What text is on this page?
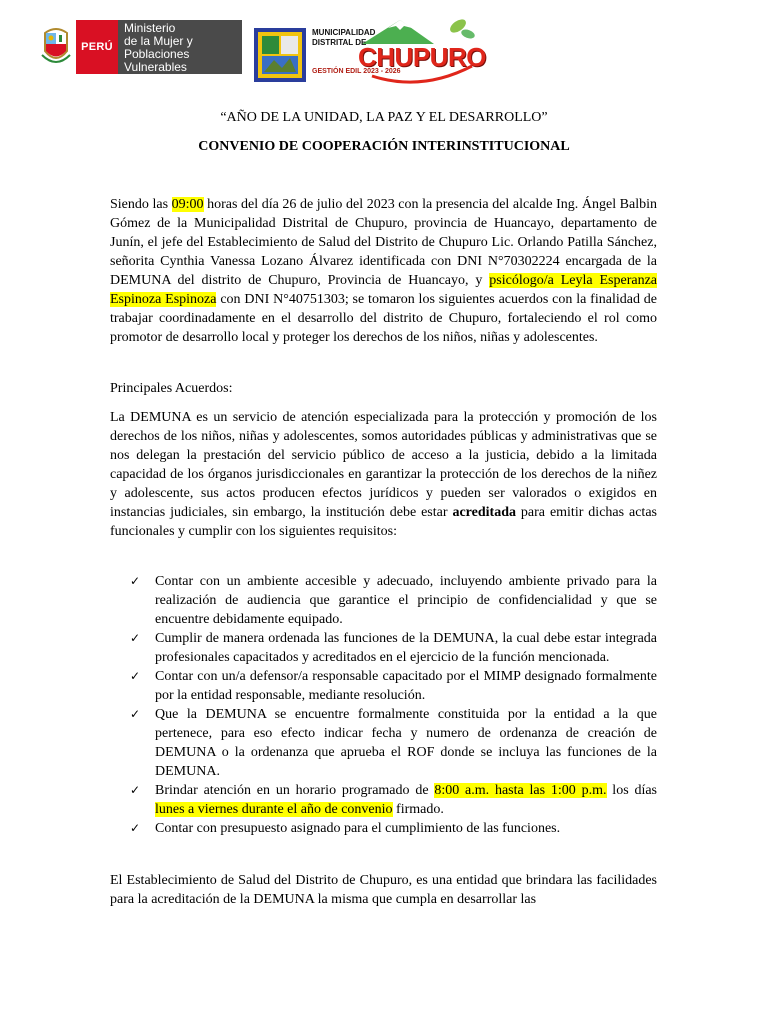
PERÚ
Ministerio
de la Mujer y
Poblaciones Vulnerables
MUNICIPALIDAD
DISTRITAL DE
CHUPURO
GESTIÓN EDIL 2023 - 2026
“AÑO DE LA UNIDAD, LA PAZ Y EL DESARROLLO”
CONVENIO DE COOPERACIÓN INTERINSTITUCIONAL
Siendo las 09:00 horas del día 26 de julio del 2023 con la presencia del alcalde Ing. Ángel Balbin Gómez de la Municipalidad Distrital de Chupuro, provincia de Huancayo, departamento de Junín, el jefe del Establecimiento de Salud del Distrito de Chupuro Lic. Orlando Patilla Sánchez, señorita Cynthia Vanessa Lozano Álvarez identificada con DNI N°70302224 encargada de la DEMUNA del distrito de Chupuro, Provincia de Huancayo, y psicólogo/a Leyla Esperanza Espinoza Espinoza con DNI N°40751303; se tomaron los siguientes acuerdos con la finalidad de trabajar coordinadamente en el desarrollo del distrito de Chupuro, fortaleciendo el rol como promotor de desarrollo local y proteger los derechos de los niños, niñas y adolescentes.
Principales Acuerdos:
La DEMUNA es un servicio de atención especializada para la protección y promoción de los derechos de los niños, niñas y adolescentes, somos autoridades públicas y administrativas que se nos delegan la prestación del servicio público de acceso a la justicia, debido a la limitada capacidad de los órganos jurisdiccionales en garantizar la protección de los derechos de la niñez y adolescente, sus actos producen efectos jurídicos y pueden ser valorados o exigidos en instancias judiciales, sin embargo, la institución debe estar acreditada para emitir dichas actas funcionales y cumplir con los siguientes requisitos:
✓	Contar con un ambiente accesible y adecuado, incluyendo ambiente privado para la realización de audiencia que garantice el principio de confidencialidad y que se encuentre debidamente equipado.
✓	Cumplir de manera ordenada las funciones de la DEMUNA, la cual debe estar integrada profesionales capacitados y acreditados en el ejercicio de la función mencionada.
✓	Contar con un/a defensor/a responsable capacitado por el MIMP designado formalmente por la entidad responsable, mediante resolución.
✓	Que la DEMUNA se encuentre formalmente constituida por la entidad a la que pertenece, para eso efecto indicar fecha y numero de ordenanza de creación de DEMUNA o la ordenanza que aprueba el ROF donde se incluya las funciones de la DEMUNA.
✓	Brindar atención en un horario programado de 8:00 a.m. hasta las 1:00 p.m. los días lunes a viernes durante el año de convenio firmado.
✓	Contar con presupuesto asignado para el cumplimiento de las funciones.
El Establecimiento de Salud del Distrito de Chupuro, es una entidad que brindara las facilidades para la acreditación de la DEMUNA la misma que cumpla en desarrollar las
